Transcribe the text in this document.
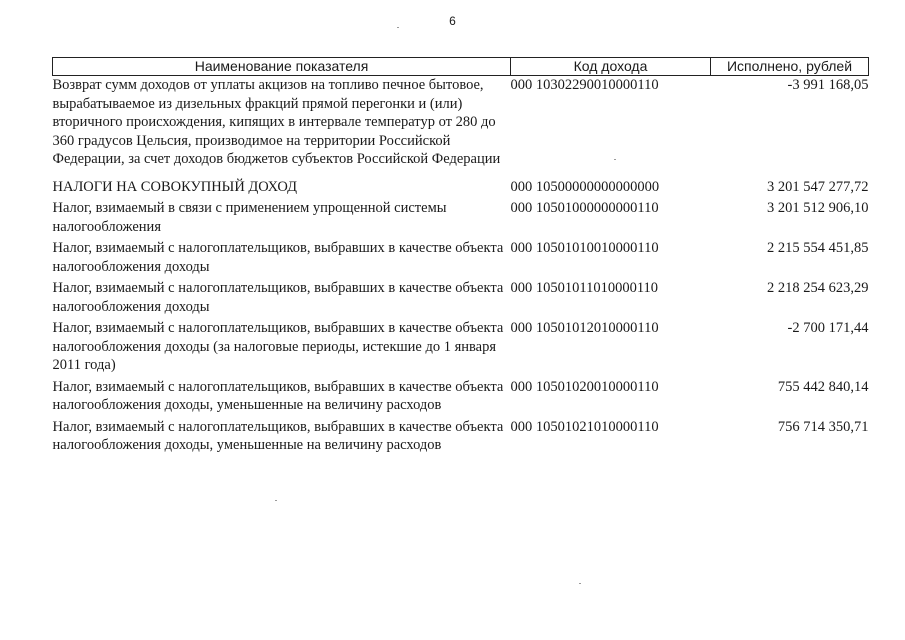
6
Наименование показателя	Код дохода	Исполнено, рублей
Возврат сумм доходов от уплаты акцизов на топливо печное бытовое, вырабатываемое из дизельных фракций прямой перегонки и (или) вторичного происхождения, кипящих в интервале температур от 280 до 360 градусов Цельсия, производимое на территории Российской Федерации, за счет доходов бюджетов субъектов Российской Федерации	000 10302290010000110	-3 991 168,05
НАЛОГИ НА СОВОКУПНЫЙ ДОХОД	000 10500000000000000	3 201 547 277,72
Налог, взимаемый в связи с применением упрощенной системы налогообложения	000 10501000000000110	3 201 512 906,10
Налог, взимаемый с налогоплательщиков, выбравших в качестве объекта налогообложения доходы	000 10501010010000110	2 215 554 451,85
Налог, взимаемый с налогоплательщиков, выбравших в качестве объекта налогообложения доходы	000 10501011010000110	2 218 254 623,29
Налог, взимаемый с налогоплательщиков, выбравших в качестве объекта налогообложения доходы (за налоговые периоды, истекшие до 1 января 2011 года)	000 10501012010000110	-2 700 171,44
Налог, взимаемый с налогоплательщиков, выбравших в качестве объекта налогообложения доходы, уменьшенные на величину расходов	000 10501020010000110	755 442 840,14
Налог, взимаемый с налогоплательщиков, выбравших в качестве объекта налогообложения доходы, уменьшенные на величину расходов	000 10501021010000110	756 714 350,71
